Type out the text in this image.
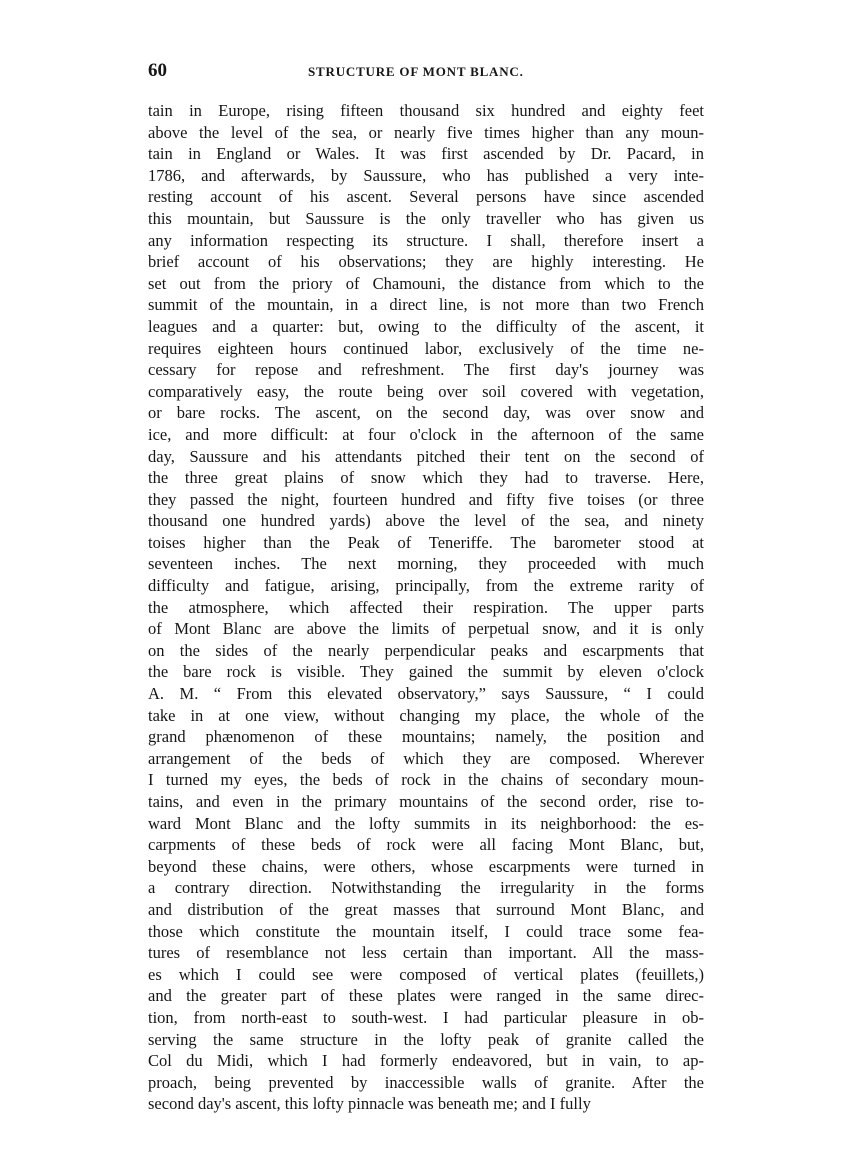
60	STRUCTURE OF MONT BLANC.
tain in Europe, rising fifteen thousand six hundred and eighty feet
above the level of the sea, or nearly five times higher than any moun-
tain in England or Wales. It was first ascended by Dr. Pacard, in
1786, and afterwards, by Saussure, who has published a very inte-
resting account of his ascent. Several persons have since ascended
this mountain, but Saussure is the only traveller who has given us
any information respecting its structure. I shall, therefore insert a
brief account of his observations; they are highly interesting. He
set out from the priory of Chamouni, the distance from which to the
summit of the mountain, in a direct line, is not more than two French
leagues and a quarter: but, owing to the difficulty of the ascent, it
requires eighteen hours continued labor, exclusively of the time ne-
cessary for repose and refreshment. The first day's journey was
comparatively easy, the route being over soil covered with vegetation,
or bare rocks. The ascent, on the second day, was over snow and
ice, and more difficult: at four o'clock in the afternoon of the same
day, Saussure and his attendants pitched their tent on the second of
the three great plains of snow which they had to traverse. Here,
they passed the night, fourteen hundred and fifty five toises (or three
thousand one hundred yards) above the level of the sea, and ninety
toises higher than the Peak of Teneriffe. The barometer stood at
seventeen inches. The next morning, they proceeded with much
difficulty and fatigue, arising, principally, from the extreme rarity of
the atmosphere, which affected their respiration. The upper parts
of Mont Blanc are above the limits of perpetual snow, and it is only
on the sides of the nearly perpendicular peaks and escarpments that
the bare rock is visible. They gained the summit by eleven o'clock
A. M. “ From this elevated observatory,” says Saussure, “ I could
take in at one view, without changing my place, the whole of the
grand phænomenon of these mountains; namely, the position and
arrangement of the beds of which they are composed. Wherever
I turned my eyes, the beds of rock in the chains of secondary moun-
tains, and even in the primary mountains of the second order, rise to-
ward Mont Blanc and the lofty summits in its neighborhood: the es-
carpments of these beds of rock were all facing Mont Blanc, but,
beyond these chains, were others, whose escarpments were turned in
a contrary direction. Notwithstanding the irregularity in the forms
and distribution of the great masses that surround Mont Blanc, and
those which constitute the mountain itself, I could trace some fea-
tures of resemblance not less certain than important. All the mass-
es which I could see were composed of vertical plates (feuillets,)
and the greater part of these plates were ranged in the same direc-
tion, from north-east to south-west. I had particular pleasure in ob-
serving the same structure in the lofty peak of granite called the
Col du Midi, which I had formerly endeavored, but in vain, to ap-
proach, being prevented by inaccessible walls of granite. After the
second day's ascent, this lofty pinnacle was beneath me; and I fully
